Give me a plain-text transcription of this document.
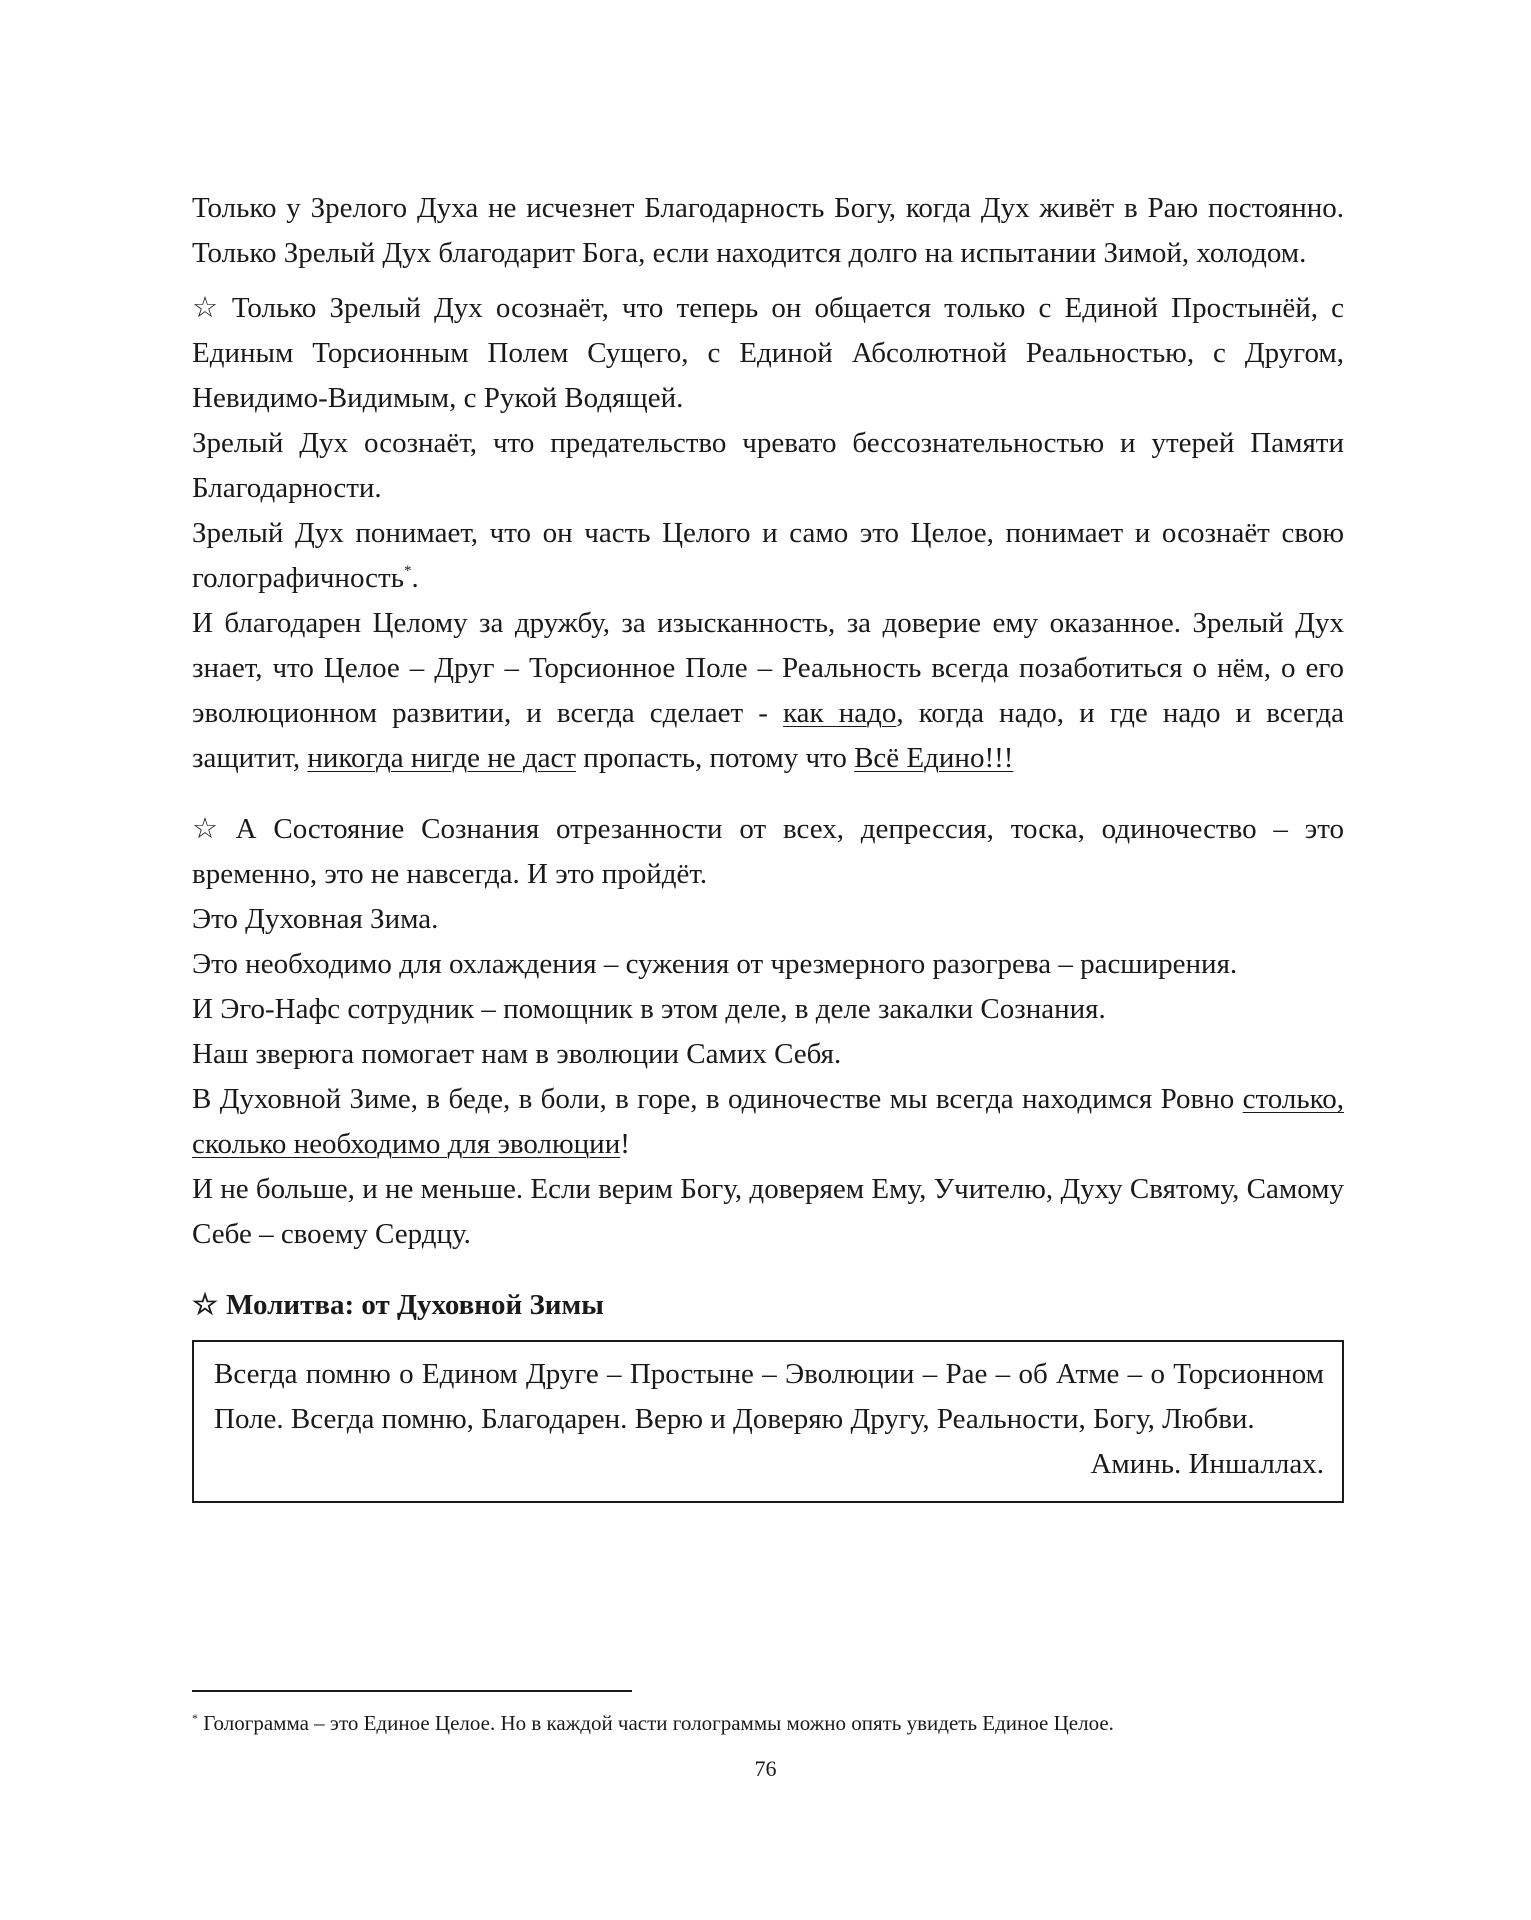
Только у Зрелого Духа не исчезнет Благодарность Богу, когда Дух живёт в Раю постоянно. Только Зрелый Дух благодарит Бога, если находится долго на испытании Зимой, холодом.

☆ Только Зрелый Дух осознаёт, что теперь он общается только с Единой Простынёй, с Единым Торсионным Полем Сущего, с Единой Абсолютной Реальностью, с Другом, Невидимо-Видимым, с Рукой Водящей.

Зрелый Дух осознаёт, что предательство чревато бессознательностью и утерей Памяти Благодарности.

Зрелый Дух понимает, что он часть Целого и само это Целое, понимает и осознаёт свою голографичность*.

И благодарен Целому за дружбу, за изысканность, за доверие ему оказанное. Зрелый Дух знает, что Целое – Друг – Торсионное Поле – Реальность всегда позаботиться о нём, о его эволюционном развитии, и всегда сделает - как надо, когда надо, и где надо и всегда защитит, никогда нигде не даст пропасть, потому что Всё Едино!!!

☆ А Состояние Сознания отрезанности от всех, депрессия, тоска, одиночество – это временно, это не навсегда. И это пройдёт.

Это Духовная Зима.

Это необходимо для охлаждения – сужения от чрезмерного разогрева – расширения.

И Эго-Нафс сотрудник – помощник в этом деле, в деле закалки Сознания.

Наш зверюга помогает нам в эволюции Самих Себя.

В Духовной Зиме, в беде, в боли, в горе, в одиночестве мы всегда находимся Ровно столько, сколько необходимо для эволюции!

И не больше, и не меньше. Если верим Богу, доверяем Ему, Учителю, Духу Святому, Самому Себе – своему Сердцу.

☆ Молитва: от Духовной Зимы

Всегда помню о Едином Друге – Простыне – Эволюции – Рае – об Атме – о Торсионном Поле. Всегда помню, Благодарен. Верю и Доверяю Другу, Реальности, Богу, Любви.

Аминь. Иншаллах.
* Голограмма – это Единое Целое. Но в каждой части голограммы можно опять увидеть Единое Целое.
76
